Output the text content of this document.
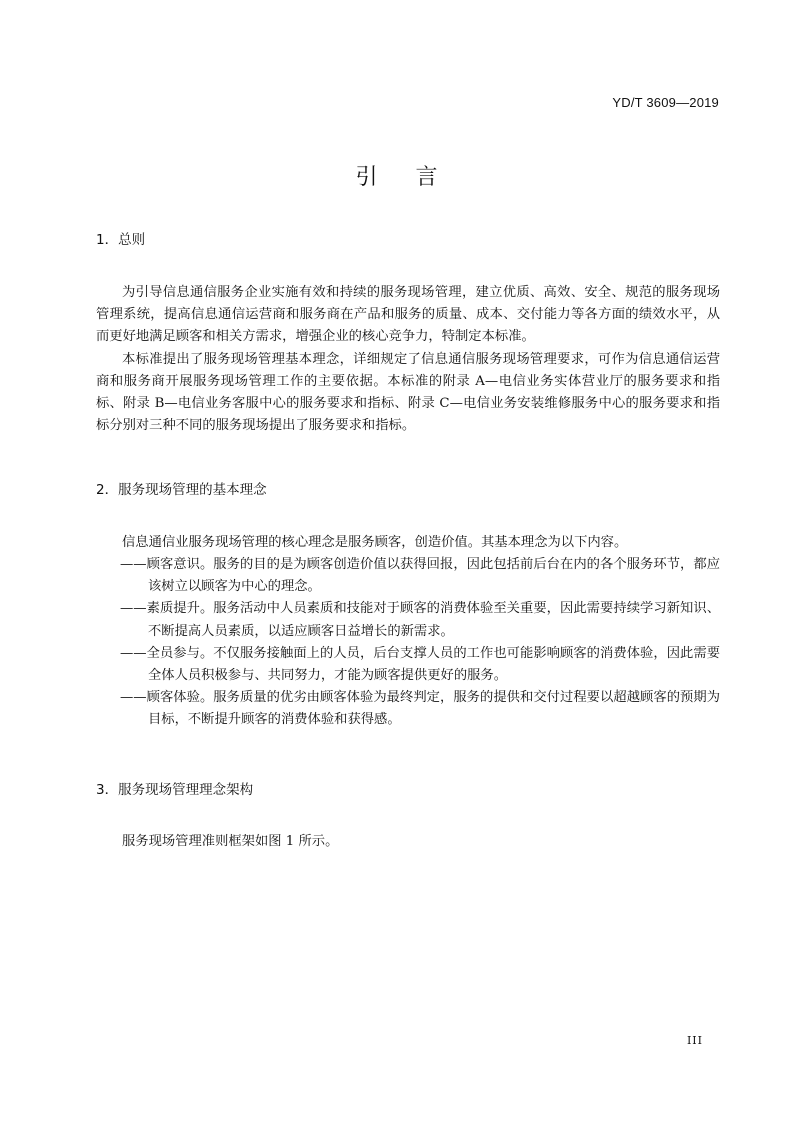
YD/T 3609—2019
引 言
1．总则

为引导信息通信服务企业实施有效和持续的服务现场管理，建立优质、高效、安全、规范的服务现场管理系统，提高信息通信运营商和服务商在产品和服务的质量、成本、交付能力等各方面的绩效水平，从而更好地满足顾客和相关方需求，增强企业的核心竞争力，特制定本标准。

本标准提出了服务现场管理基本理念，详细规定了信息通信服务现场管理要求，可作为信息通信运营商和服务商开展服务现场管理工作的主要依据。本标准的附录 A—电信业务实体营业厅的服务要求和指标、附录 B—电信业务客服中心的服务要求和指标、附录 C—电信业务安装维修服务中心的服务要求和指标分别对三种不同的服务现场提出了服务要求和指标。

2．服务现场管理的基本理念
信息通信业服务现场管理的核心理念是服务顾客，创造价值。其基本理念为以下内容。
——顾客意识。服务的目的是为顾客创造价值以获得回报，因此包括前后台在内的各个服务环节，都应该树立以顾客为中心的理念。
——素质提升。服务活动中人员素质和技能对于顾客的消费体验至关重要，因此需要持续学习新知识、不断提高人员素质，以适应顾客日益增长的新需求。
——全员参与。不仅服务接触面上的人员，后台支撑人员的工作也可能影响顾客的消费体验，因此需要全体人员积极参与、共同努力，才能为顾客提供更好的服务。
——顾客体验。服务质量的优劣由顾客体验为最终判定，服务的提供和交付过程要以超越顾客的预期为目标，不断提升顾客的消费体验和获得感。
3．服务现场管理理念架构
服务现场管理准则框架如图 1 所示。
III
